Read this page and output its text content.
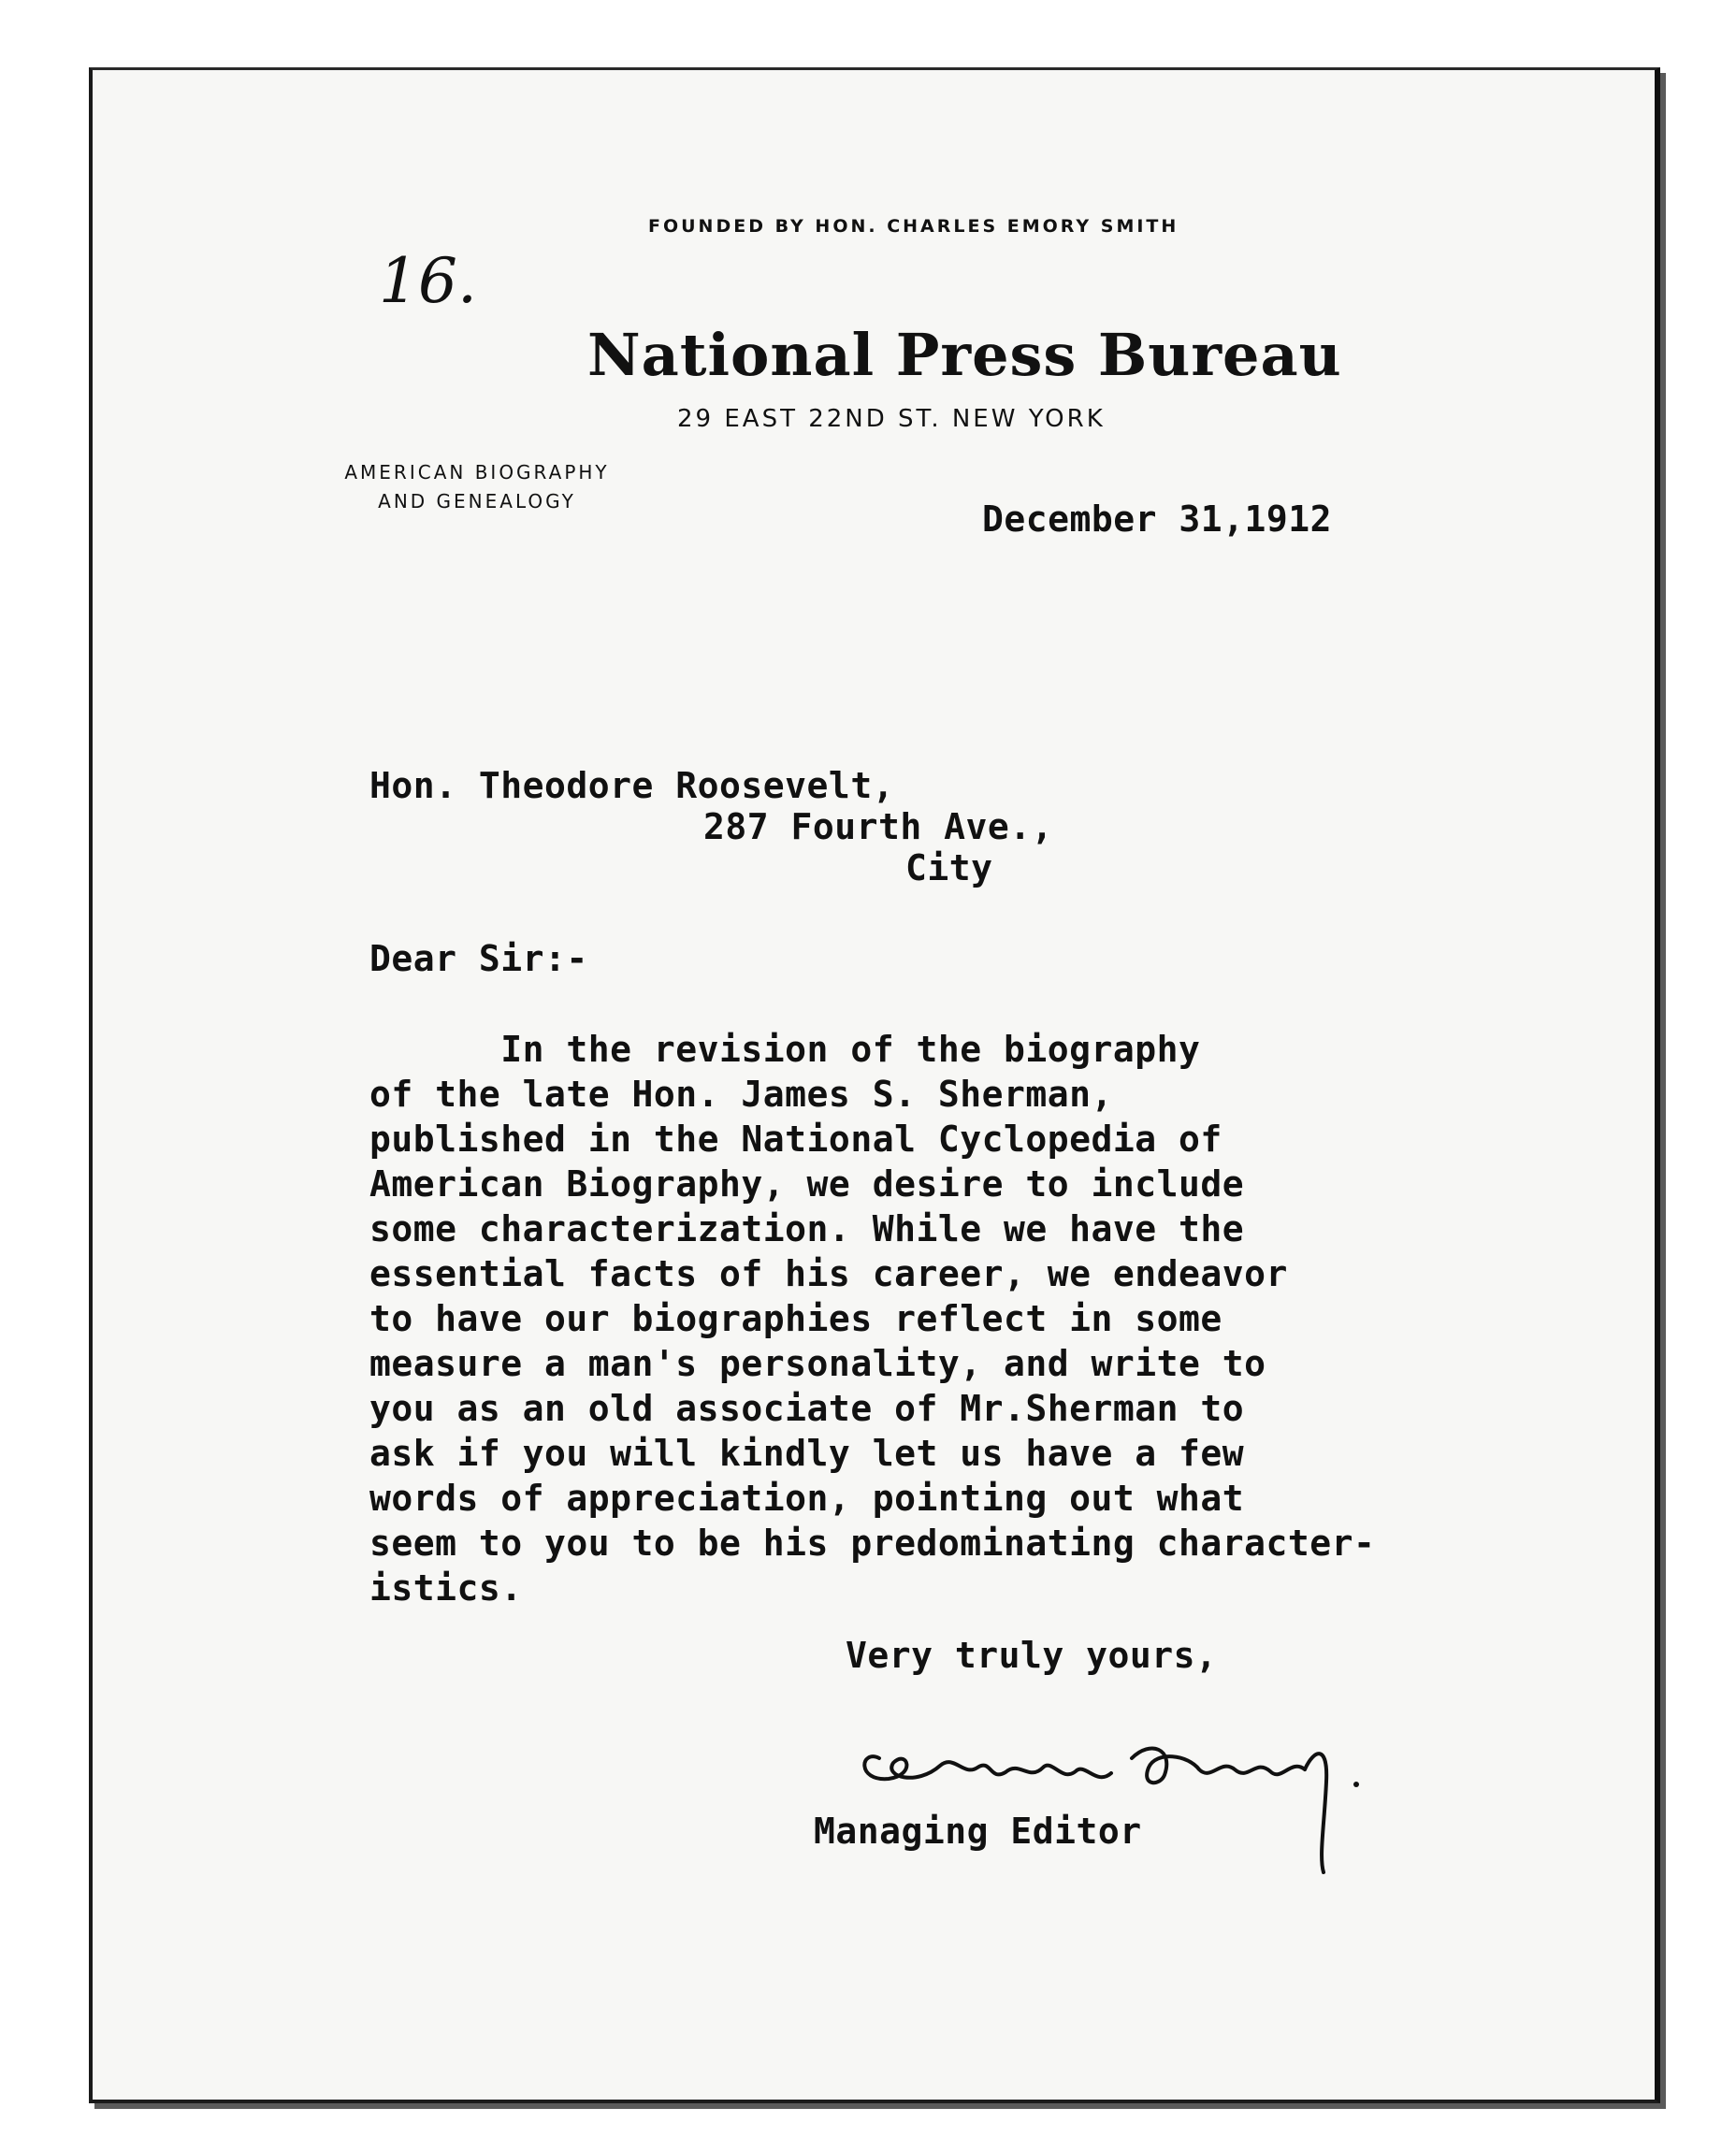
FOUNDED BY HON. CHARLES EMORY SMITH
16.
National Press Bureau
29 EAST 22ND ST. NEW YORK
AMERICAN BIOGRAPHY
AND GENEALOGY	December 31,1912
Hon. Theodore Roosevelt,
287 Fourth Ave.,
City
Dear Sir:-
In the revision of the biography
of the late Hon. James S. Sherman,
published in the National Cyclopedia of
American Biography, we desire to include
some characterization. While we have the
essential facts of his career, we endeavor
to have our biographies reflect in some
measure a man's personality, and write to
you as an old associate of Mr.Sherman to
ask if you will kindly let us have a few
words of appreciation, pointing out what
seem to you to be his predominating character-
istics.
Very truly yours,
Managing Editor
